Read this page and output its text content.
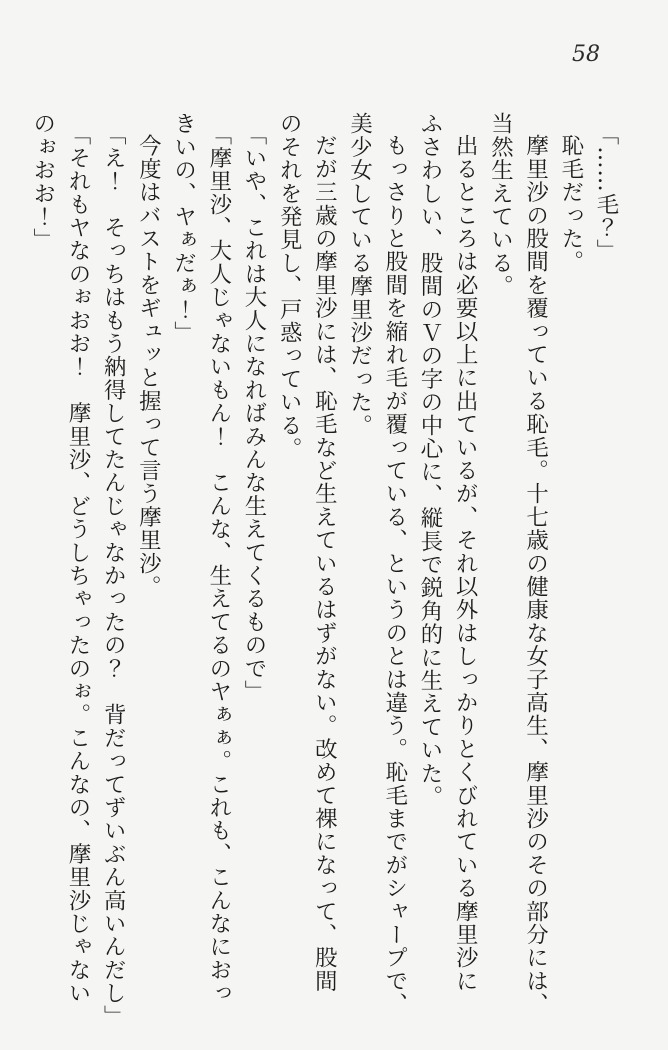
58

「……毛？」

恥毛だった。

摩里沙の股間を覆っている恥毛。十七歳の健康な女子高生、摩里沙のその部分には、

当然生えている。

出るところは必要以上に出ているが、それ以外はしっかりとくびれている摩里沙に

ふさわしい、股間のＶの字の中心に、縦長で鋭角的に生えていた。

もっさりと股間を縮れ毛が覆っている、というのとは違う。恥毛までがシャープで、

美少女している摩里沙だった。

だが三歳の摩里沙には、恥毛など生えているはずがない。改めて裸になって、股間

のそれを発見し、戸惑っている。

「いや、これは大人になればみんな生えてくるもので」

「摩里沙、大人じゃないもん！　こんな、生えてるのヤぁぁ。これも、こんなにおっ

きいの、ヤぁだぁ！」

今度はバストをギュッと握って言う摩里沙。

「え！　そっちはもう納得してたんじゃなかったの？　背だってずいぶん高いんだし」

「それもヤなのぉおお！　摩里沙、どうしちゃったのぉ。こんなの、摩里沙じゃない

のぉおお！」
